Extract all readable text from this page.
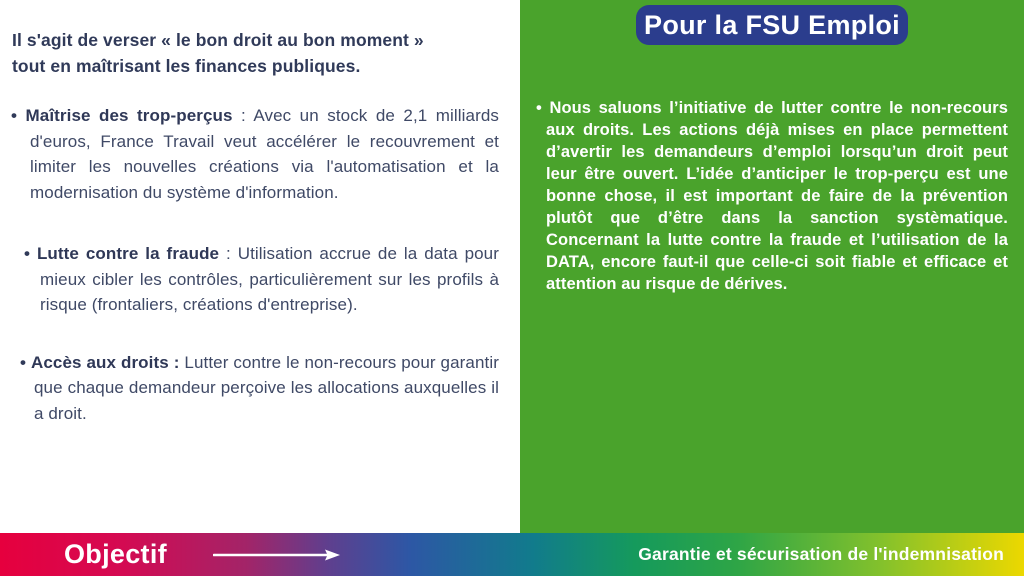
Il s'agit de verser « le bon droit au bon moment »
tout en maîtrisant les finances publiques.

• Maîtrise des trop-perçus : Avec un stock de 2,1 milliards d'euros, France Travail veut accélérer le recouvrement et limiter les nouvelles créations via l'automatisation et la modernisation du système d'information.
• Lutte contre la fraude : Utilisation accrue de la data pour mieux cibler les contrôles, particulièrement sur les profils à risque (frontaliers, créations d'entreprise).
• Accès aux droits : Lutter contre le non-recours pour garantir que chaque demandeur perçoive les allocations auxquelles il a droit.
Pour la FSU Emploi
• Nous saluons l’initiative de lutter contre le non-recours aux droits. Les actions déjà mises en place permettent d’avertir les demandeurs d’emploi lorsqu’un droit peut leur être ouvert. L’idée d’anticiper le trop-perçu est une bonne chose, il est important de faire de la prévention plutôt que d’être dans la sanction systèmatique. Concernant la lutte contre la fraude et l’utilisation de la DATA, encore faut-il que celle-ci soit fiable et efficace et attention au risque de dérives.
Objectif	Garantie et sécurisation de l'indemnisation
